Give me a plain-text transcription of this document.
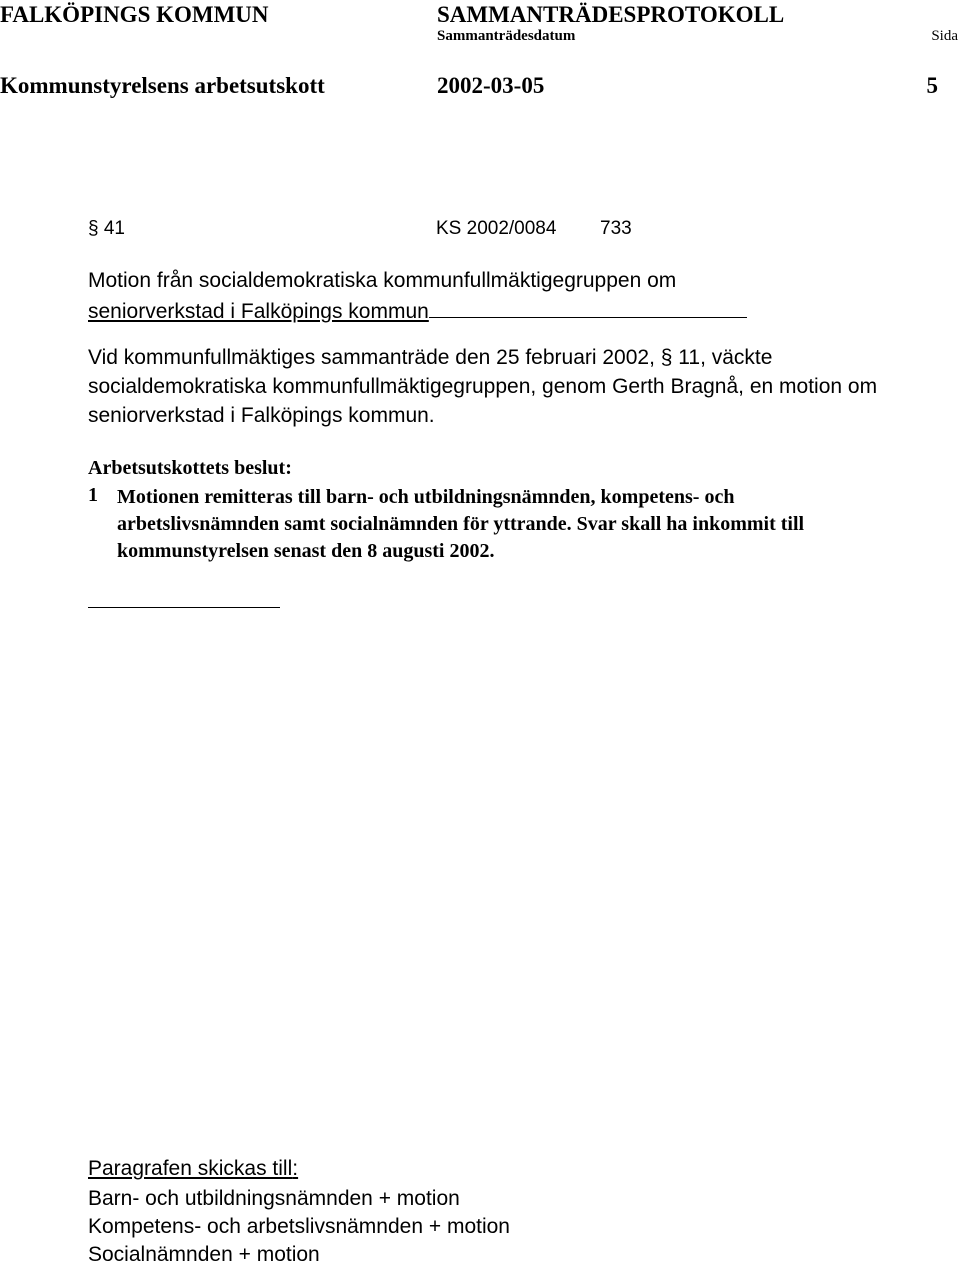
FALKÖPINGS KOMMUN	SAMMANTRÄDESPROTOKOLL
Sammanträdesdatum	Sida
Kommunstyrelsens arbetsutskott	2002-03-05	5
§ 41	KS 2002/0084 733
Motion från socialdemokratiska kommunfullmäktigegruppen om
seniorverkstad i Falköpings kommun
Vid kommunfullmäktiges sammanträde den 25 februari 2002, § 11, väckte socialdemokratiska kommunfullmäktigegruppen, genom Gerth Bragnå, en motion om seniorverkstad i Falköpings kommun.
Arbetsutskottets beslut:
1 Motionen remitteras till barn- och utbildningsnämnden, kompetens- och arbetslivsnämnden samt socialnämnden för yttrande. Svar skall ha inkommit till kommunstyrelsen senast den 8 augusti 2002.
Paragrafen skickas till:
Barn- och utbildningsnämnden + motion
Kompetens- och arbetslivsnämnden + motion
Socialnämnden + motion
